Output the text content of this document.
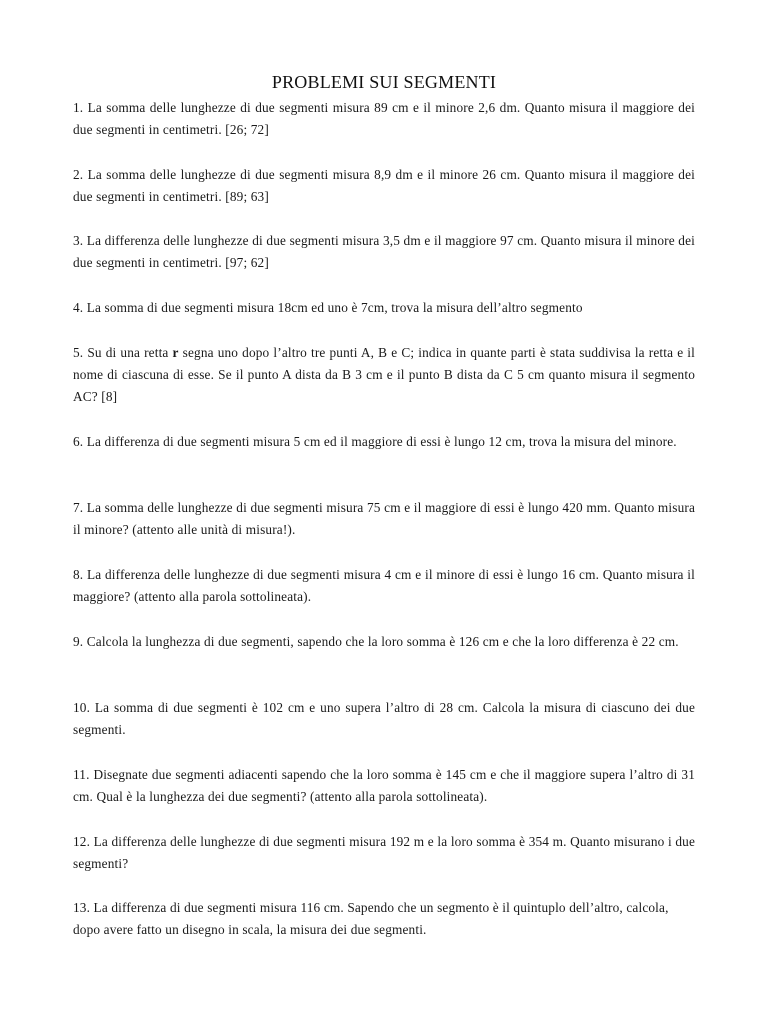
PROBLEMI SUI SEGMENTI

1. La somma delle lunghezze di due segmenti misura 89 cm e il minore 2,6 dm. Quanto misura il maggiore dei due segmenti in centimetri. [26; 72]

2. La somma delle lunghezze di due segmenti misura 8,9 dm e il minore 26 cm. Quanto misura il maggiore dei due segmenti in centimetri. [89; 63]

3. La differenza delle lunghezze di due segmenti misura 3,5 dm e il maggiore 97 cm. Quanto misura il minore dei due segmenti in centimetri. [97; 62]

4. La somma di due segmenti misura 18cm ed uno è 7cm, trova la misura dell’altro segmento

5. Su di una retta r segna uno dopo l’altro tre punti A, B e C; indica in quante parti è stata suddivisa la retta e il nome di ciascuna di esse. Se il punto A dista da B 3 cm e il punto B dista da C 5 cm quanto misura il segmento AC? [8]

6. La differenza di due segmenti misura 5 cm ed il maggiore di essi è lungo 12 cm, trova la misura del minore.

7. La somma delle lunghezze di due segmenti misura 75 cm e il maggiore di essi è lungo 420 mm. Quanto misura il minore? (attento alle unità di misura!).

8. La differenza delle lunghezze di due segmenti misura 4 cm e il minore di essi è lungo 16 cm. Quanto misura il maggiore? (attento alla parola sottolineata).

9. Calcola la lunghezza di due segmenti, sapendo che la loro somma è 126 cm e che la loro differenza è 22 cm.

10. La somma di due segmenti è 102 cm e uno supera l’altro di 28 cm. Calcola la misura di ciascuno dei due segmenti.

11. Disegnate due segmenti adiacenti sapendo che la loro somma è 145 cm e che il maggiore supera l’altro di 31 cm. Qual è la lunghezza dei due segmenti? (attento alla parola sottolineata).

12. La differenza delle lunghezze di due segmenti misura 192 m e la loro somma è 354 m. Quanto misurano i due segmenti?

13. La differenza di due segmenti misura 116 cm. Sapendo che un segmento è il quintuplo dell’altro, calcola, dopo avere fatto un disegno in scala, la misura dei due segmenti.
